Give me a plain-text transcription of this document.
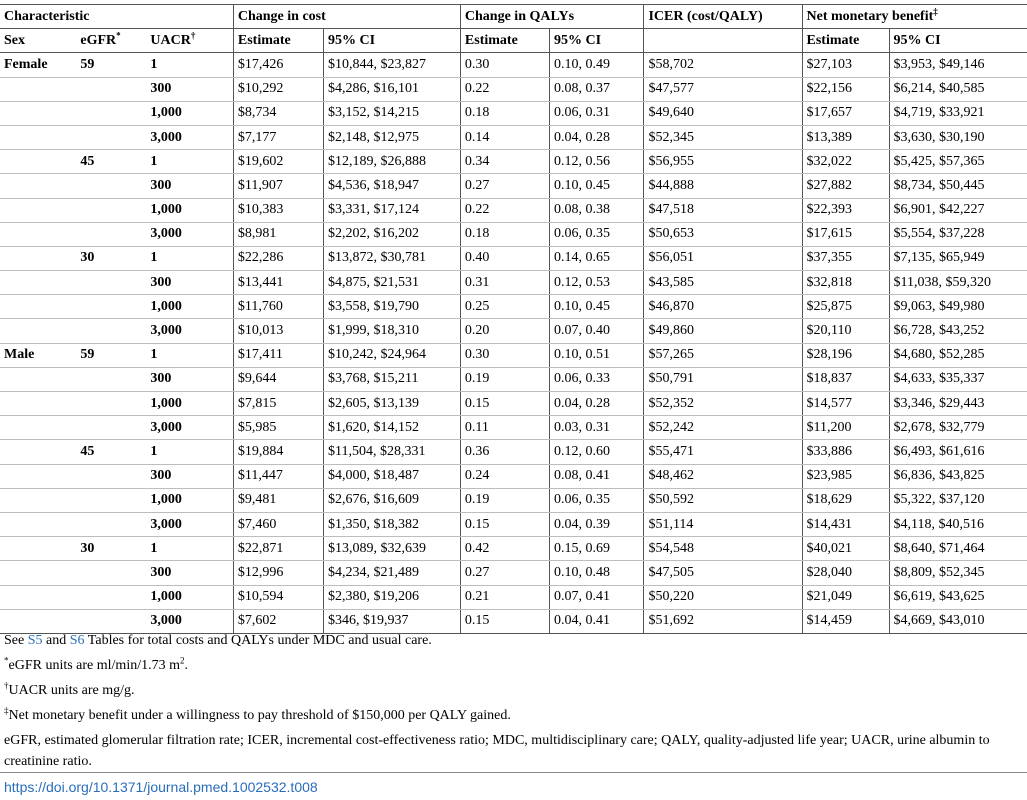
Characteristic			Change in cost		Change in QALYs		ICER (cost/QALY)	Net monetary benefit‡
Sex	eGFR*	UACR†	Estimate	95% CI	Estimate	95% CI		Estimate	95% CI
Female	59	1	$17,426	$10,844, $23,827	0.30	0.10, 0.49	$58,702	$27,103	$3,953, $49,146
		300	$10,292	$4,286, $16,101	0.22	0.08, 0.37	$47,577	$22,156	$6,214, $40,585
		1,000	$8,734	$3,152, $14,215	0.18	0.06, 0.31	$49,640	$17,657	$4,719, $33,921
		3,000	$7,177	$2,148, $12,975	0.14	0.04, 0.28	$52,345	$13,389	$3,630, $30,190
	45	1	$19,602	$12,189, $26,888	0.34	0.12, 0.56	$56,955	$32,022	$5,425, $57,365
		300	$11,907	$4,536, $18,947	0.27	0.10, 0.45	$44,888	$27,882	$8,734, $50,445
		1,000	$10,383	$3,331, $17,124	0.22	0.08, 0.38	$47,518	$22,393	$6,901, $42,227
		3,000	$8,981	$2,202, $16,202	0.18	0.06, 0.35	$50,653	$17,615	$5,554, $37,228
	30	1	$22,286	$13,872, $30,781	0.40	0.14, 0.65	$56,051	$37,355	$7,135, $65,949
		300	$13,441	$4,875, $21,531	0.31	0.12, 0.53	$43,585	$32,818	$11,038, $59,320
		1,000	$11,760	$3,558, $19,790	0.25	0.10, 0.45	$46,870	$25,875	$9,063, $49,980
		3,000	$10,013	$1,999, $18,310	0.20	0.07, 0.40	$49,860	$20,110	$6,728, $43,252
Male	59	1	$17,411	$10,242, $24,964	0.30	0.10, 0.51	$57,265	$28,196	$4,680, $52,285
		300	$9,644	$3,768, $15,211	0.19	0.06, 0.33	$50,791	$18,837	$4,633, $35,337
		1,000	$7,815	$2,605, $13,139	0.15	0.04, 0.28	$52,352	$14,577	$3,346, $29,443
		3,000	$5,985	$1,620, $14,152	0.11	0.03, 0.31	$52,242	$11,200	$2,678, $32,779
	45	1	$19,884	$11,504, $28,331	0.36	0.12, 0.60	$55,471	$33,886	$6,493, $61,616
		300	$11,447	$4,000, $18,487	0.24	0.08, 0.41	$48,462	$23,985	$6,836, $43,825
		1,000	$9,481	$2,676, $16,609	0.19	0.06, 0.35	$50,592	$18,629	$5,322, $37,120
		3,000	$7,460	$1,350, $18,382	0.15	0.04, 0.39	$51,114	$14,431	$4,118, $40,516
	30	1	$22,871	$13,089, $32,639	0.42	0.15, 0.69	$54,548	$40,021	$8,640, $71,464
		300	$12,996	$4,234, $21,489	0.27	0.10, 0.48	$47,505	$28,040	$8,809, $52,345
		1,000	$10,594	$2,380, $19,206	0.21	0.07, 0.41	$50,220	$21,049	$6,619, $43,625
		3,000	$7,602	$346, $19,937	0.15	0.04, 0.41	$51,692	$14,459	$4,669, $43,010

See S5 and S6 Tables for total costs and QALYs under MDC and usual care.

*eGFR units are ml/min/1.73 $m^2$.

†UACR units are mg/g.

‡Net monetary benefit under a willingness to pay threshold of $150,000 per QALY gained.

eGFR, estimated glomerular filtration rate; ICER, incremental cost-effectiveness ratio; MDC, multidisciplinary care; QALY, quality-adjusted life year; UACR, urine albumin to creatinine ratio.

https://doi.org/10.1371/journal.pmed.1002532.t008
